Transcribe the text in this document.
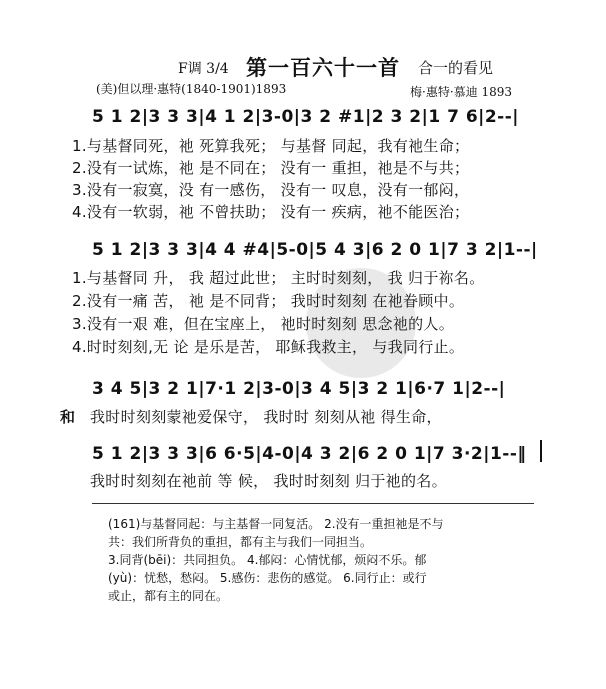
F调 3/4 第一百六十一首 合一的看见
(美)但以理·惠特(1840-1901)1893	梅·惠特·慕迪 1893
5 1 2|3 3 3|4 1 2|3-0|3 2 #1|2 3 2|1 7 6|2--|
1.与基督同死，祂 死算我死； 与基督 同起，我有祂生命；
2.没有一试炼，祂 是不同在； 没有一 重担，祂是不与共；
3.没有一寂寞，没 有一感伤， 没有一 叹息，没有一郁闷，
4.没有一软弱，祂 不曾扶助； 没有一 疾病，祂不能医治；
5 1 2|3 3 3|4 4 #4|5-0|5 4 3|6 2 0 1|7 3 2|1--|
1.与基督同 升， 我 超过此世； 主时时刻刻， 我 归于祢名。
2.没有一痛 苦， 祂 是不同背； 我时时刻刻 在祂眷顾中。
3.没有一艰 难，但在宝座上， 祂时时刻刻 思念祂的人。
4.时时刻刻,无 论 是乐是苦， 耶稣我救主， 与我同行止。
3 4 5|3 2 1|7·1 2|3-0|3 4 5|3 2 1|6·7 1|2--|
和 我时时刻刻蒙祂爱保守， 我时时 刻刻从祂 得生命，
5 1 2|3 3 3|6 6·5|4-0|4 3 2|6 2 0 1|7 3·2|1--‖
我时时刻刻在祂前 等 候， 我时时刻刻 归于祂的名。
(161)与基督同起：与主基督一同复活。 2.没有一重担祂是不与
共：我们所背负的重担，都有主与我们一同担当。
3.同背(bēi)：共同担负。 4.郁闷：心情忧郁，烦闷不乐。郁
(yù)：忧愁，愁闷。 5.感伤：悲伤的感觉。 6.同行止：或行
或止，都有主的同在。
